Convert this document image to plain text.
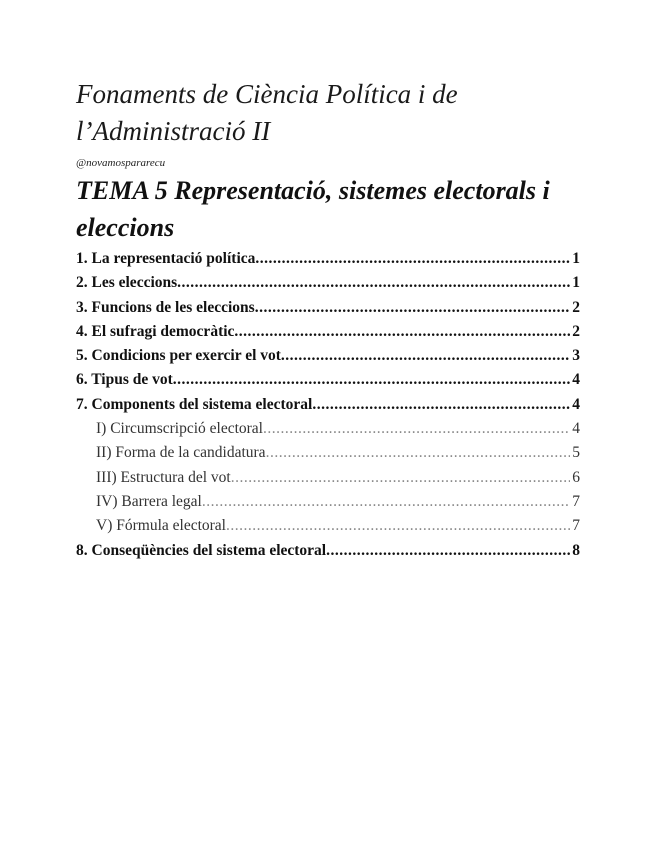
Fonaments de Ciència Política i de l’Administració II
@novamospararecu
TEMA 5 Representació, sistemes electorals i eleccions
1. La representació política .....	1
2. Les eleccions .....	1
3. Funcions de les eleccions .....	2
4. El sufragi democràtic .....	2
5. Condicions per exercir el vot .....	3
6. Tipus de vot .....	4
7. Components del sistema electoral .....	4
I) Circumscripció electoral .....	4
II) Forma de la candidatura .....	5
III) Estructura del vot .....	6
IV) Barrera legal .....	7
V) Fórmula electoral .....	7
8. Conseqüències del sistema electoral .....	8
